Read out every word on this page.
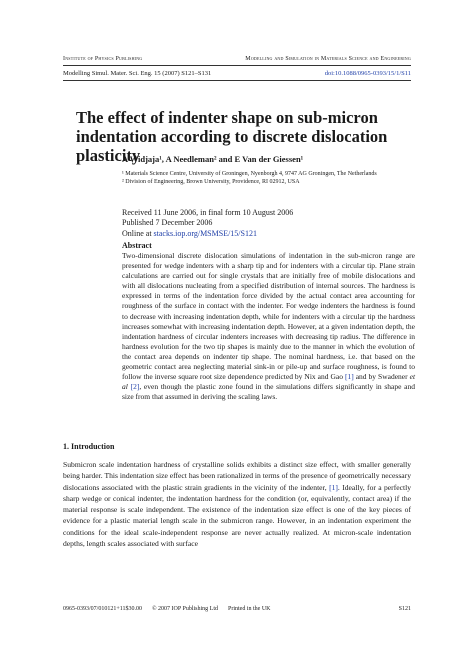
Institute of Physics Publishing	Modelling and Simulation in Materials Science and Engineering
Modelling Simul. Mater. Sci. Eng. 15 (2007) S121–S131	doi:10.1088/0965-0393/15/1/S11
The effect of indenter shape on sub-micron indentation according to discrete dislocation plasticity
A Widjaja¹, A Needleman² and E Van der Giessen¹
¹ Materials Science Centre, University of Groningen, Nyenborgh 4, 9747 AG Groningen, The Netherlands
² Division of Engineering, Brown University, Providence, RI 02912, USA
Received 11 June 2006, in final form 10 August 2006
Published 7 December 2006
Online at stacks.iop.org/MSMSE/15/S121
Abstract

Two-dimensional discrete dislocation simulations of indentation in the sub-micron range are presented for wedge indenters with a sharp tip and for indenters with a circular tip. Plane strain calculations are carried out for single crystals that are initially free of mobile dislocations and with all dislocations nucleating from a specified distribution of internal sources. The hardness is expressed in terms of the indentation force divided by the actual contact area accounting for roughness of the surface in contact with the indenter. For wedge indenters the hardness is found to decrease with increasing indentation depth, while for indenters with a circular tip the hardness increases somewhat with increasing indentation depth. However, at a given indentation depth, the indentation hardness of circular indenters increases with decreasing tip radius. The difference in hardness evolution for the two tip shapes is mainly due to the manner in which the evolution of the contact area depends on indenter tip shape. The nominal hardness, i.e. that based on the geometric contact area neglecting material sink-in or pile-up and surface roughness, is found to follow the inverse square root size dependence predicted by Nix and Gao [1] and by Swadener et al [2], even though the plastic zone found in the simulations differs significantly in shape and size from that assumed in deriving the scaling laws.

1. Introduction

Submicron scale indentation hardness of crystalline solids exhibits a distinct size effect, with smaller generally being harder. This indentation size effect has been rationalized in terms of the presence of geometrically necessary dislocations associated with the plastic strain gradients in the vicinity of the indenter, [1]. Ideally, for a perfectly sharp wedge or conical indenter, the indentation hardness for the condition (or, equivalently, contact area) if the material response is scale independent. The existence of the indentation size effect is one of the key pieces of evidence for a plastic material length scale in the submicron range. However, in an indentation experiment the conditions for the ideal scale-independent response are never actually realized. At micron-scale indentation depths, length scales associated with surface

0965-0393/07/010121+11$30.00 © 2007 IOP Publishing Ltd Printed in the UK	S121
